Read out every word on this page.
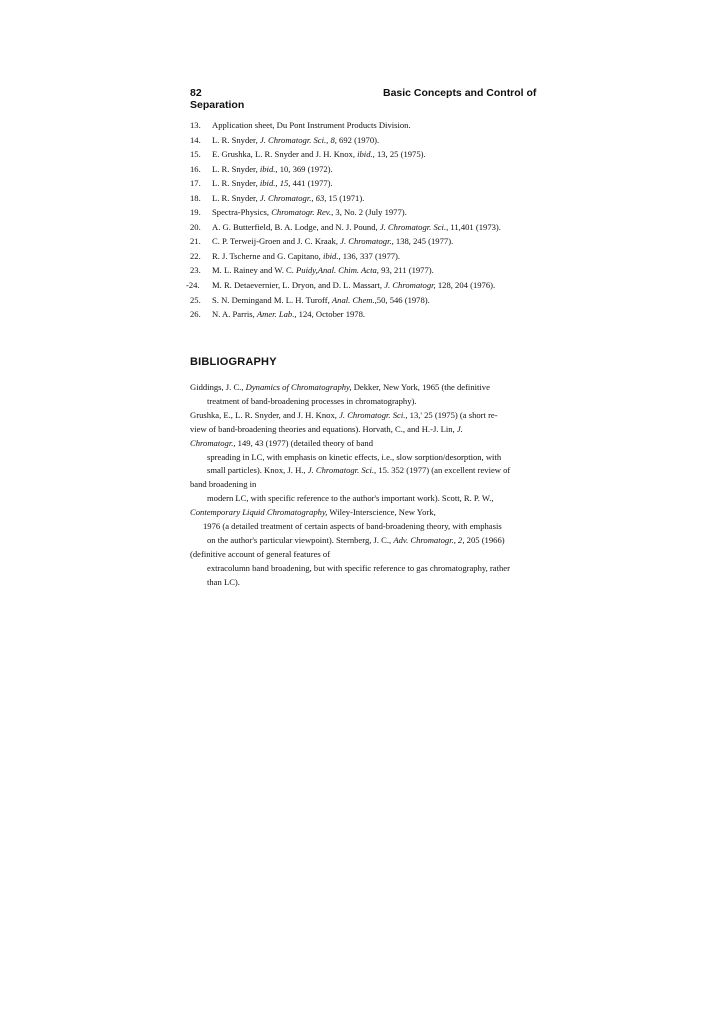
82	Basic Concepts and Control of
Separation
13. Application sheet, Du Pont Instrument Products Division.
14. L. R. Snyder, J. Chromatogr. Sci., 8, 692 (1970).
15. E. Grushka, L. R. Snyder and J. H. Knox, ibid., 13, 25 (1975).
16. L. R. Snyder, ibid., 10, 369 (1972).
17. L. R. Snyder, ibid., 15, 441 (1977).
18. L. R. Snyder, J. Chromatogr., 63, 15 (1971).
19. Spectra-Physics, Chromatogr. Rev., 3, No. 2 (July 1977).
20. A. G. Butterfield, B. A. Lodge, and N. J. Pound, J. Chromatogr. Sci., 11,401 (1973).
21. C. P. Terweij-Groen and J. C. Kraak, J. Chromatogr., 138, 245 (1977).
22. R. J. Tscherne and G. Capitano, ibid., 136, 337 (1977).
23. M. L. Rainey and W. C. Puidy,Anal. Chim. Acta, 93, 211 (1977).
-24. M. R. Detaevernier, L. Dryon, and D. L. Massart, J. Chromatogr, 128, 204 (1976).
25. S. N. Demingand M. L. H. Turoff, Anal. Chem.,50, 546 (1978).
26. N. A. Parris, Amer. Lab., 124, October 1978.
BIBLIOGRAPHY
Giddings, J. C., Dynamics of Chromatography, Dekker, New York, 1965 (the definitive
treatment of band-broadening processes in chromatography).
Grushka, E., L. R. Snyder, and J. H. Knox, J. Chromatogr. Sci., 13,' 25 (1975) (a short re-
view of band-broadening theories and equations). Horvath, C., and H.-J. Lin, J.
Chromatogr., 149, 43 (1977) (detailed theory of band
spreading in LC, with emphasis on kinetic effects, i.e., slow sorption/desorption, with
small particles). Knox, J. H., J. Chromatogr. Sci., 15. 352 (1977) (an excellent review of
band broadening in
modern LC, with specific reference to the author's important work). Scott, R. P. W.,
Contemporary Liquid Chromatography, Wiley-Interscience, New York,
1976 (a detailed treatment of certain aspects of band-broadening theory, with emphasis
on the author's particular viewpoint). Sternberg, J. C., Adv. Chromatogr., 2, 205 (1966)
(definitive account of general features of
extracolumn band broadening, but with specific reference to gas chromatography, rather
than LC).
